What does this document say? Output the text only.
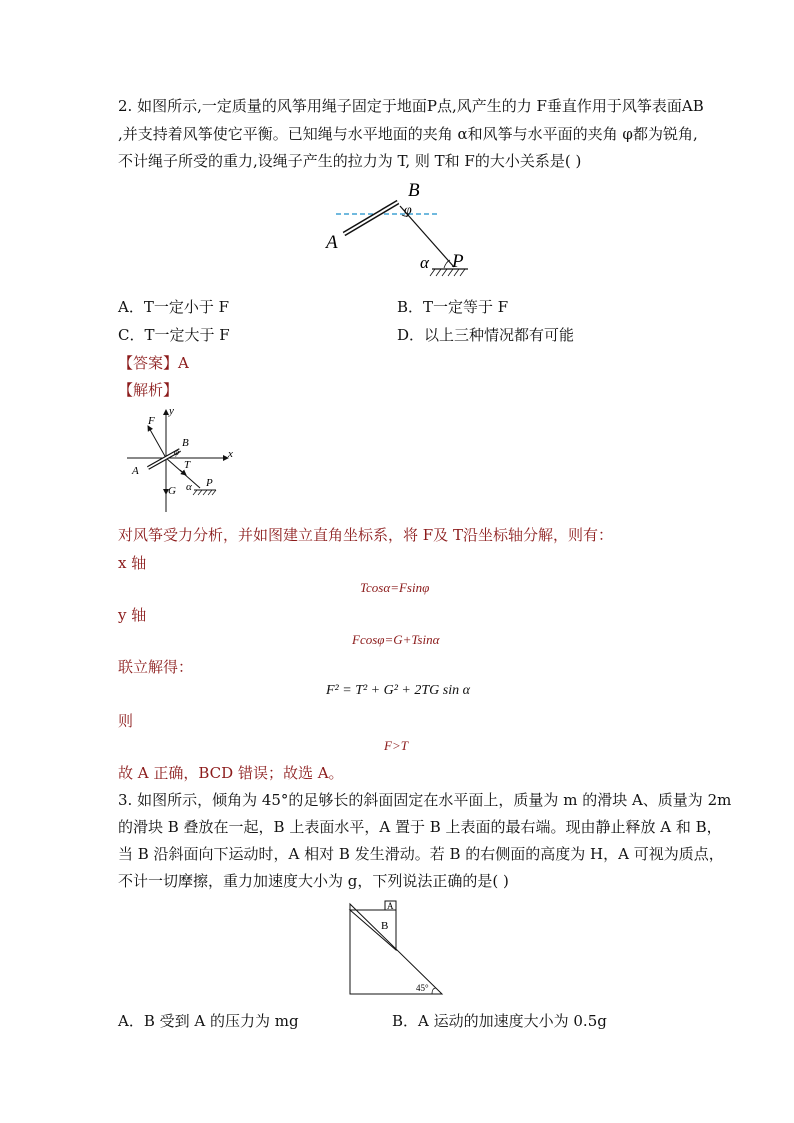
2. 如图所示,一定质量的风筝用绳子固定于地面P点,风产生的力 F垂直作用于风筝表面AB
,并支持着风筝使它平衡。已知绳与水平地面的夹角 α和风筝与水平面的夹角 φ都为锐角,
不计绳子所受的重力,设绳子产生的拉力为 T, 则 T和 F的大小关系是( )
B
φ
A
α P
A．T一定小于 F	B．T一定等于 F
C．T一定大于 F	D．以上三种情况都有可能
【答案】A
【解析】
F
y
x
B
φ
A	T
G α P
对风筝受力分析，并如图建立直角坐标系，将 F及 T沿坐标轴分解，则有：
x 轴
Tcosα=Fsinφ
y 轴
Fcosφ=G+Tsinα
联立解得：
F² = T² + G² + 2TG sin α
则
F>T
故 A 正确，BCD 错误；故选 A。
3. 如图所示，倾角为 45°的足够长的斜面固定在水平面上，质量为 m 的滑块 A、质量为 2m
的滑块 B 叠放在一起，B 上表面水平，A 置于 B 上表面的最右端。现由静止释放 A 和 B，
当 B 沿斜面向下运动时，A 相对 B 发生滑动。若 B 的右侧面的高度为 H，A 可视为质点，
不计一切摩擦，重力加速度大小为 g，下列说法正确的是( )
A
B
45°
A．B 受到 A 的压力为 mg	B．A 运动的加速度大小为 0.5g
